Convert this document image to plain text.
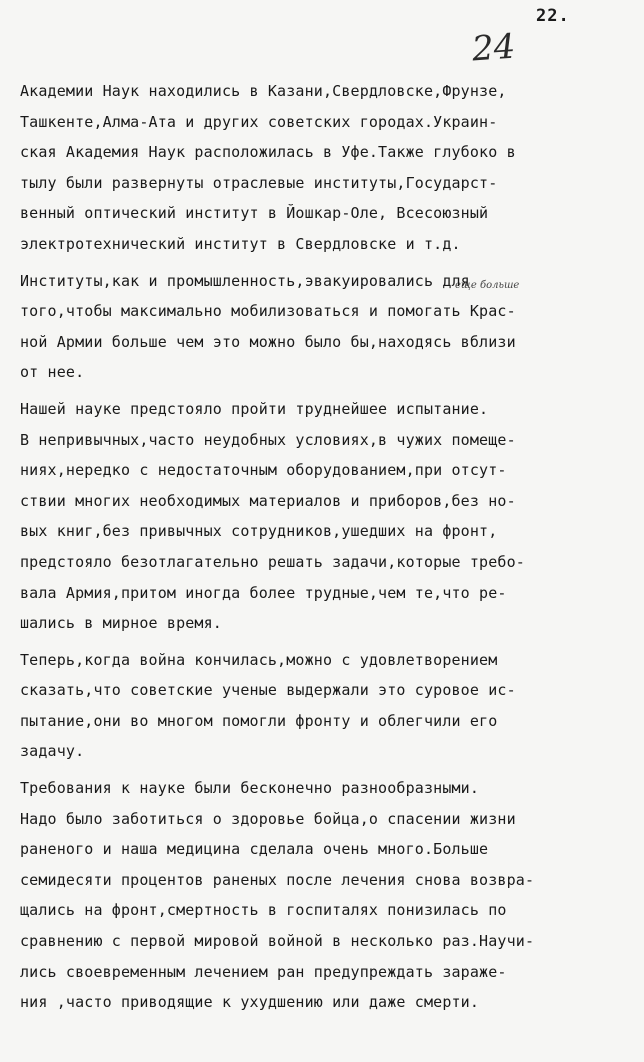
22.
24
еще больше
Академии Наук находились в Казани,Свердловске,Фрунзе,
Ташкенте,Алма-Ата и других советских городах.Украин-
ская Академия Наук расположилась в Уфе.Также глубоко в
тылу были развернуты отраслевые институты,Государст-
венный оптический институт в Йошкар-Оле, Всесоюзный
электротехнический институт в Свердловске и т.д.
Институты,как и промышленность,эвакуировались для
того,чтобы максимально мобилизоваться и помогать Крас-
ной Армии больше чем это можно было бы,находясь вблизи
от нее.
Нашей науке предстояло пройти труднейшее испытание.
В непривычных,часто неудобных условиях,в чужих помеще-
ниях,нередко с недостаточным оборудованием,при отсут-
ствии многих необходимых материалов и приборов,без но-
вых книг,без привычных сотрудников,ушедших на фронт,
предстояло безотлагательно решать задачи,которые требо-
вала Армия,притом иногда более трудные,чем те,что ре-
шались в мирное время.
Теперь,когда война кончилась,можно с удовлетворением
сказать,что советские ученые выдержали это суровое ис-
пытание,они во многом помогли фронту и облегчили его
задачу.
Требования к науке были бесконечно разнообразными.
Надо было заботиться о здоровье бойца,о спасении жизни
раненого и наша медицина сделала очень много.Больше
семидесяти процентов раненых после лечения снова возвра-
щались на фронт,смертность в госпиталях понизилась по
сравнению с первой мировой войной в несколько раз.Научи-
лись своевременным лечением ран предупреждать зараже-
ния ,часто приводящие к ухудшению или даже смерти.
